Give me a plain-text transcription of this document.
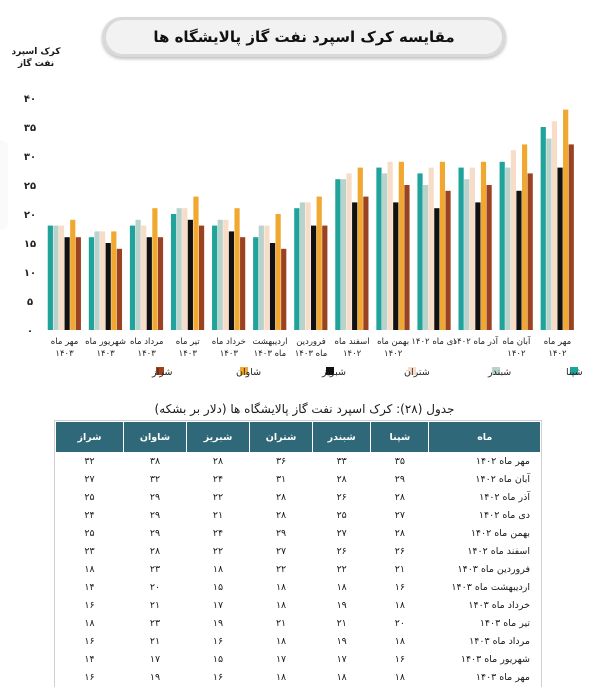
مقایسه کرک اسپرد نفت گاز پالایشگاه ها
کرک اسپرد نفت گاز
۰
۵
۱۰
۱۵
۲۰
۲۵
۳۰
۳۵
۴۰
مهر ماه
۱۴۰۲
آبان ماه
۱۴۰۲
آذر ماه ۱۴۰۲
دی ماه ۱۴۰۲
بهمن ماه
۱۴۰۲
اسفند ماه
۱۴۰۲
فروردین
ماه ۱۴۰۳
اردیبهشت
ماه ۱۴۰۳
خرداد ماه
۱۴۰۳
تیر ماه
۱۴۰۳
مرداد ماه
۱۴۰۳
شهریور ماه
۱۴۰۳
مهر ماه
۱۴۰۳
شپنا
شبندر
شتران
شبریز
شاوان
شراز
جدول (۲۸): کرک اسپرد نفت گاز پالایشگاه ها (دلار بر بشکه)
ماه	شپنا	شبندر	شتران	شبریز	شاوان	شراز
مهر ماه ۱۴۰۲	۳۵	۳۳	۳۶	۲۸	۳۸	۳۲
آبان ماه ۱۴۰۲	۲۹	۲۸	۳۱	۲۴	۳۲	۲۷
آذر ماه ۱۴۰۲	۲۸	۲۶	۲۸	۲۲	۲۹	۲۵
دی ماه ۱۴۰۲	۲۷	۲۵	۲۸	۲۱	۲۹	۲۴
بهمن ماه ۱۴۰۲	۲۸	۲۷	۲۹	۲۴	۲۹	۲۵
اسفند ماه ۱۴۰۲	۲۶	۲۶	۲۷	۲۲	۲۸	۲۳
فروردین ماه ۱۴۰۳	۲۱	۲۲	۲۲	۱۸	۲۳	۱۸
اردیبهشت ماه ۱۴۰۳	۱۶	۱۸	۱۸	۱۵	۲۰	۱۴
خرداد ماه ۱۴۰۳	۱۸	۱۹	۱۸	۱۷	۲۱	۱۶
تیر ماه ۱۴۰۳	۲۰	۲۱	۲۱	۱۹	۲۳	۱۸
مرداد ماه ۱۴۰۳	۱۸	۱۹	۱۸	۱۶	۲۱	۱۶
شهریور ماه ۱۴۰۳	۱۶	۱۷	۱۷	۱۵	۱۷	۱۴
مهر ماه ۱۴۰۳	۱۸	۱۸	۱۸	۱۶	۱۹	۱۶
